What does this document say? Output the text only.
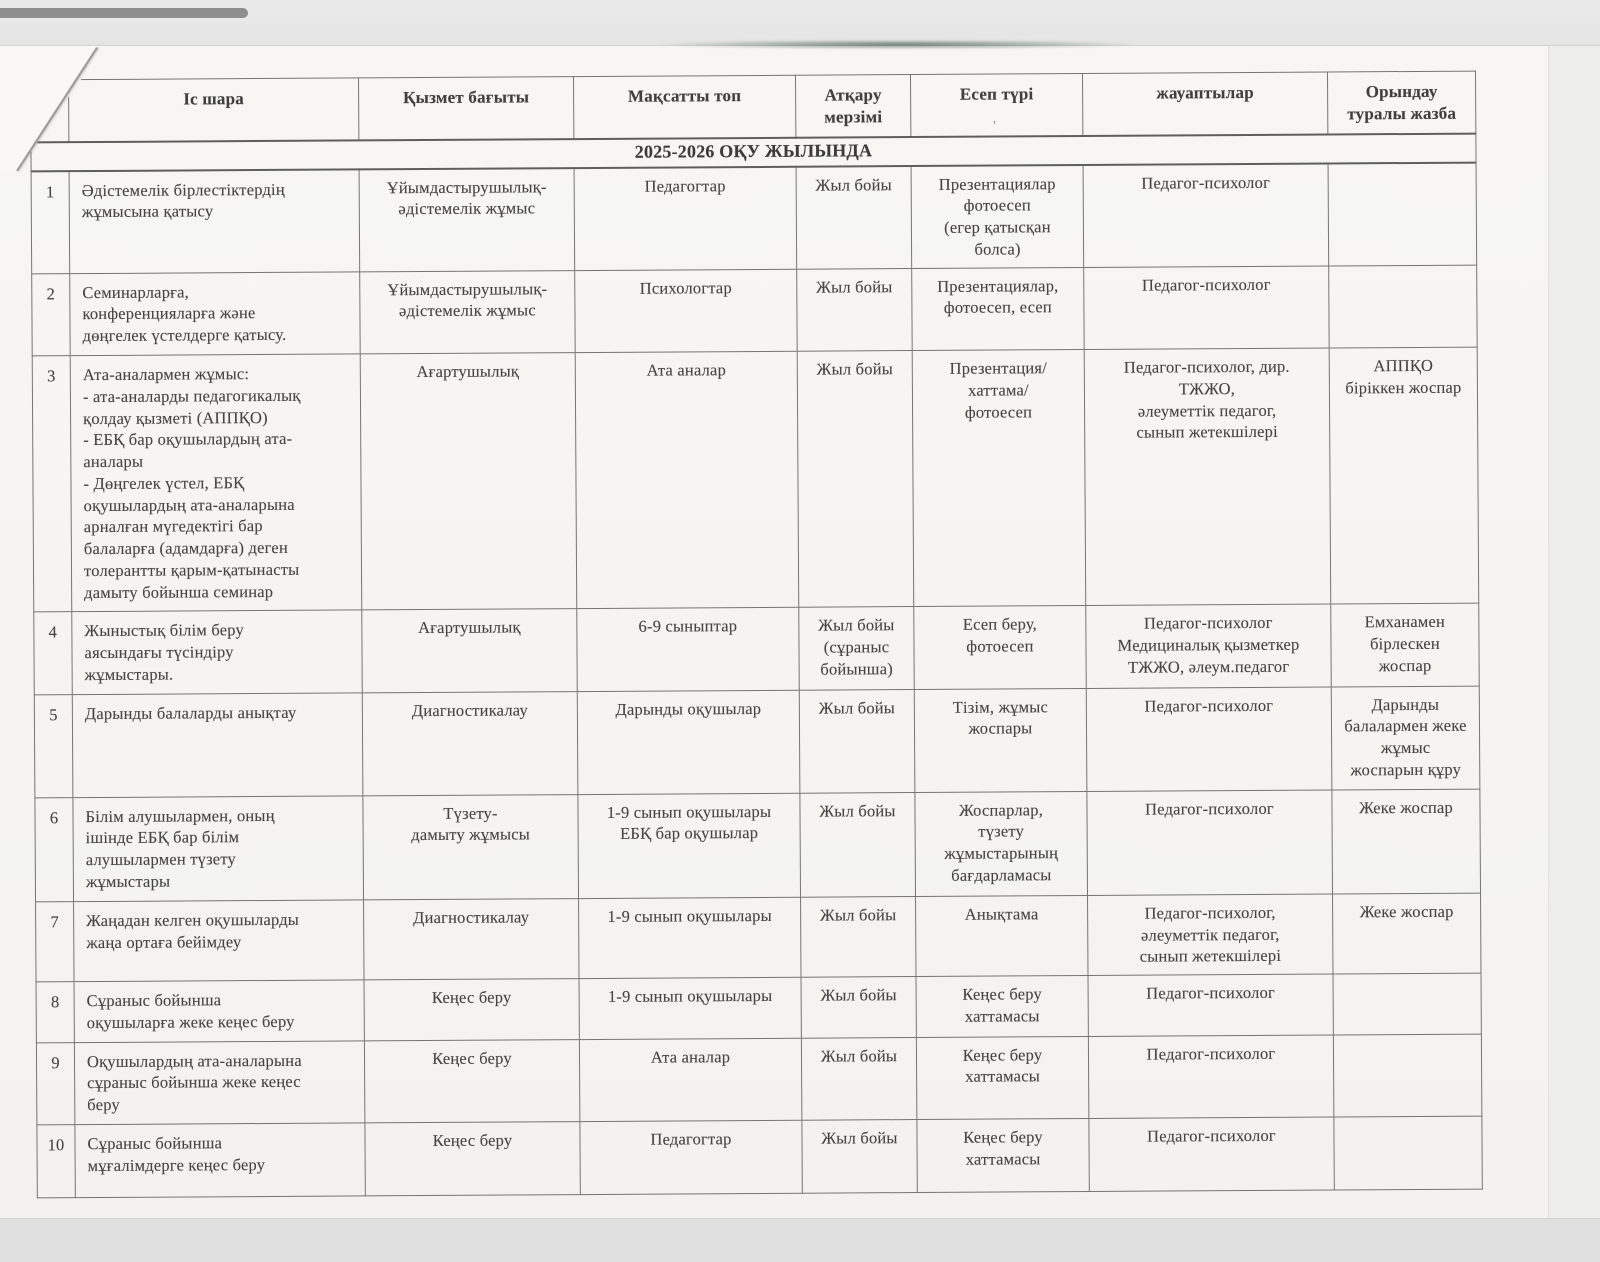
	Іс шара	Қызмет бағыты	Мақсатты топ	Атқару
мерзімі	Есеп түрі
'	жауаптылар	Орындау
туралы жазба
2025-2026 ОҚУ ЖЫЛЫНДА							
1	Әдістемелік бірлестіктердің
жұмысына қатысу	Ұйымдастырушылық-
әдістемелік жұмыс	Педагогтар	Жыл бойы	Презентациялар
фотоесеп
(егер қатысқан
болса)	Педагог-психолог	
2	Семинарларға,
конференцияларға және
дөңгелек үстелдерге қатысу.	Ұйымдастырушылық-
әдістемелік жұмыс	Психологтар	Жыл бойы	Презентациялар,
фотоесеп, есеп	Педагог-психолог	
3	Ата-аналармен жұмыс:
- ата-аналарды педагогикалық
қолдау қызметі (АППҚО)
- ЕБҚ бар оқушылардың ата-
аналары
- Дөңгелек үстел, ЕБҚ
оқушылардың ата-аналарына
арналған мүгедектігі бар
балаларға (адамдарға) деген
толерантты қарым-қатынасты
дамыту бойынша семинар	Ағартушылық	Ата аналар	Жыл бойы	Презентация/
хаттама/
фотоесеп	Педагог-психолог, дир.
ТЖЖО,
әлеуметтік педагог,
сынып жетекшілері	АППҚО
біріккен жоспар
4	Жыныстық білім беру
аясындағы түсіндіру
жұмыстары.	Ағартушылық	6-9 сыныптар	Жыл бойы
(сұраныс
бойынша)	Есеп беру,
фотоесеп	Педагог-психолог
Медициналық қызметкер
ТЖЖО, әлеум.педагог	Емханамен
бірлескен
жоспар
5	Дарынды балаларды анықтау	Диагностикалау	Дарынды оқушылар	Жыл бойы	Тізім, жұмыс
жоспары	Педагог-психолог	Дарынды
балалармен жеке
жұмыс
жоспарын құру
6	Білім алушылармен, оның
ішінде ЕБҚ бар білім
алушылармен түзету
жұмыстары	Түзету-
дамыту жұмысы	1-9 сынып оқушылары
ЕБҚ бар оқушылар	Жыл бойы	Жоспарлар,
түзету
жұмыстарының
бағдарламасы	Педагог-психолог	Жеке жоспар
7	Жаңадан келген оқушыларды
жаңа ортаға бейімдеу	Диагностикалау	1-9 сынып оқушылары	Жыл бойы	Анықтама	Педагог-психолог,
әлеуметтік педагог,
сынып жетекшілері	Жеке жоспар
8	Сұраныс бойынша
оқушыларға жеке кеңес беру	Кеңес беру	1-9 сынып оқушылары	Жыл бойы	Кеңес беру
хаттамасы	Педагог-психолог	
9	Оқушылардың ата-аналарына
сұраныс бойынша жеке кеңес
беру	Кеңес беру	Ата аналар	Жыл бойы	Кеңес беру
хаттамасы	Педагог-психолог	
10	Сұраныс бойынша
мұғалімдерге кеңес беру	Кеңес беру	Педагогтар	Жыл бойы	Кеңес беру
хаттамасы	Педагог-психолог	
